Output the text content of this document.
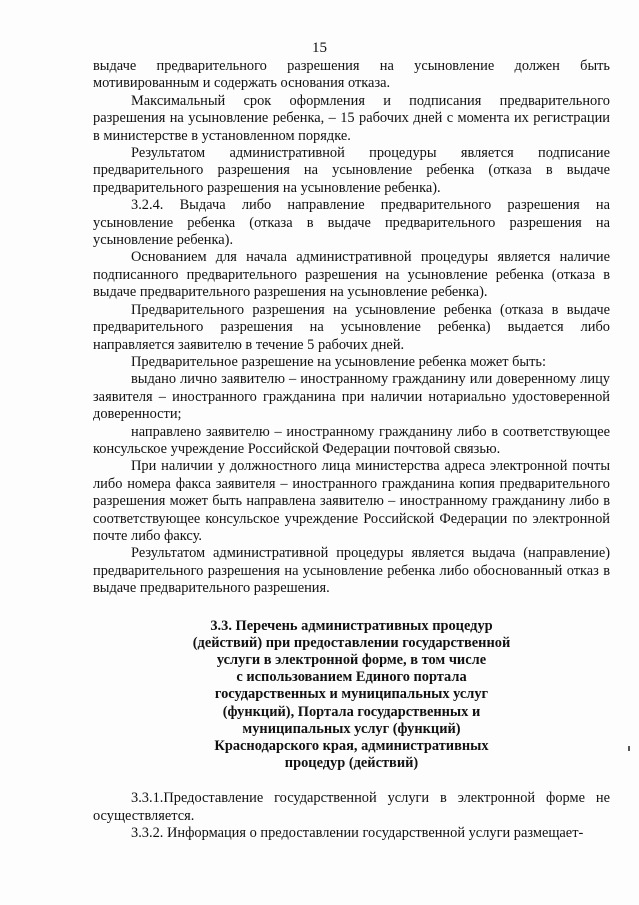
15

выдаче предварительного разрешения на усыновление должен быть мотивированным и содержать основания отказа.

Максимальный срок оформления и подписания предварительного разрешения на усыновление ребенка, – 15 рабочих дней с момента их регистрации в министерстве в установленном порядке.

Результатом административной процедуры является подписание предварительного разрешения на усыновление ребенка (отказа в выдаче предварительного разрешения на усыновление ребенка).

3.2.4. Выдача либо направление предварительного разрешения на усыновление ребенка (отказа в выдаче предварительного разрешения на усыновление ребенка).

Основанием для начала административной процедуры является наличие подписанного предварительного разрешения на усыновление ребенка (отказа в выдаче предварительного разрешения на усыновление ребенка).

Предварительного разрешения на усыновление ребенка (отказа в выдаче предварительного разрешения на усыновление ребенка) выдается либо направляется заявителю в течение 5 рабочих дней.

Предварительное разрешение на усыновление ребенка может быть:

выдано лично заявителю – иностранному гражданину или доверенному лицу заявителя – иностранного гражданина при наличии нотариально удостоверенной доверенности;

направлено заявителю – иностранному гражданину либо в соответствующее консульское учреждение Российской Федерации почтовой связью.

При наличии у должностного лица министерства адреса электронной почты либо номера факса заявителя – иностранного гражданина копия предварительного разрешения может быть направлена заявителю – иностранному гражданину либо в соответствующее консульское учреждение Российской Федерации по электронной почте либо факсу.

Результатом административной процедуры является выдача (направление) предварительного разрешения на усыновление ребенка либо обоснованный отказ в выдаче предварительного разрешения.

3.3. Перечень административных процедур
(действий) при предоставлении государственной
услуги в электронной форме, в том числе
с использованием Единого портала
государственных и муниципальных услуг
(функций), Портала государственных и
муниципальных услуг (функций)
Краснодарского края, административных
процедур (действий)

3.3.1.Предоставление государственной услуги в электронной форме не осуществляется.

3.3.2. Информация о предоставлении государственной услуги размещает-
